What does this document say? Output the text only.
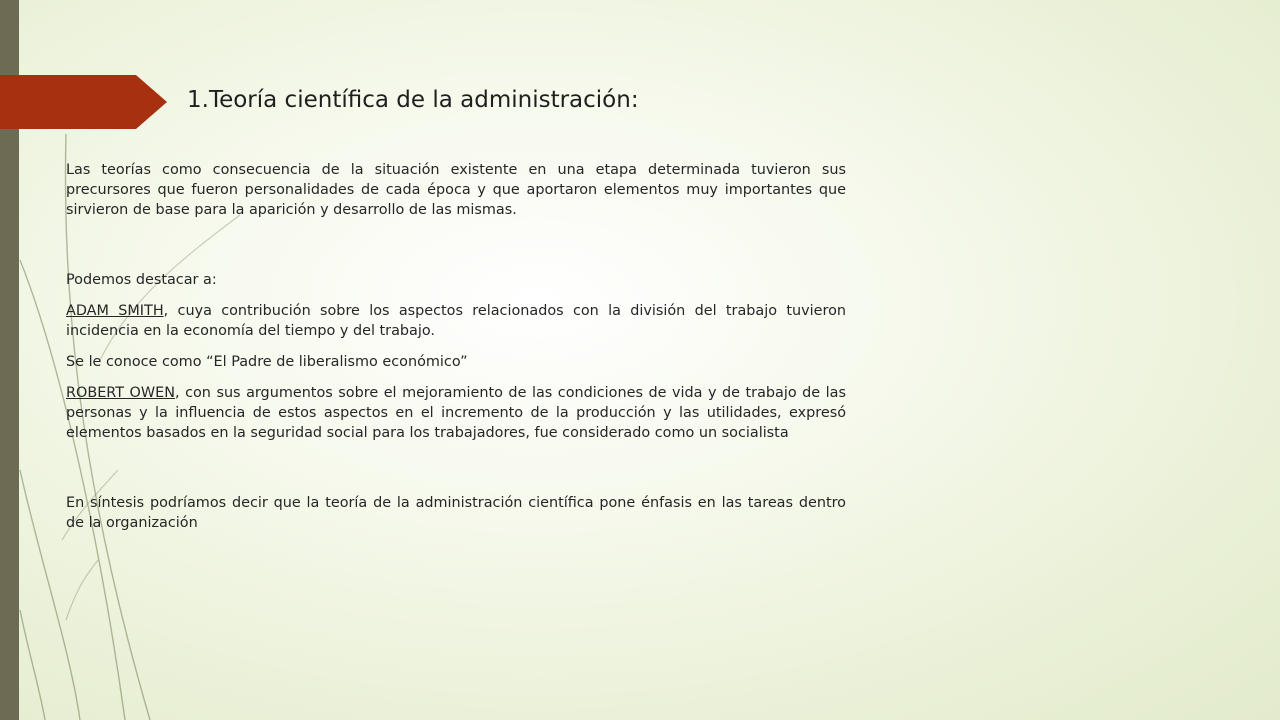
1.Teoría científica de la administración:

Las teorías como consecuencia de la situación existente en una etapa determinada tuvieron sus precursores que fueron personalidades de cada época y que aportaron elementos muy importantes que sirvieron de base para la aparición y desarrollo de las mismas.

Podemos destacar a:

ADAM SMITH, cuya contribución sobre los aspectos relacionados con la división del trabajo tuvieron incidencia en la economía del tiempo y del trabajo.

Se le conoce como “El Padre de liberalismo económico”

ROBERT OWEN, con sus argumentos sobre el mejoramiento de las condiciones de vida y de trabajo de las personas y la influencia de estos aspectos en el incremento de la producción y las utilidades, expresó elementos basados en la seguridad social para los trabajadores, fue considerado como un socialista

En síntesis podríamos decir que la teoría de la administración científica pone énfasis en las tareas dentro de la organización
